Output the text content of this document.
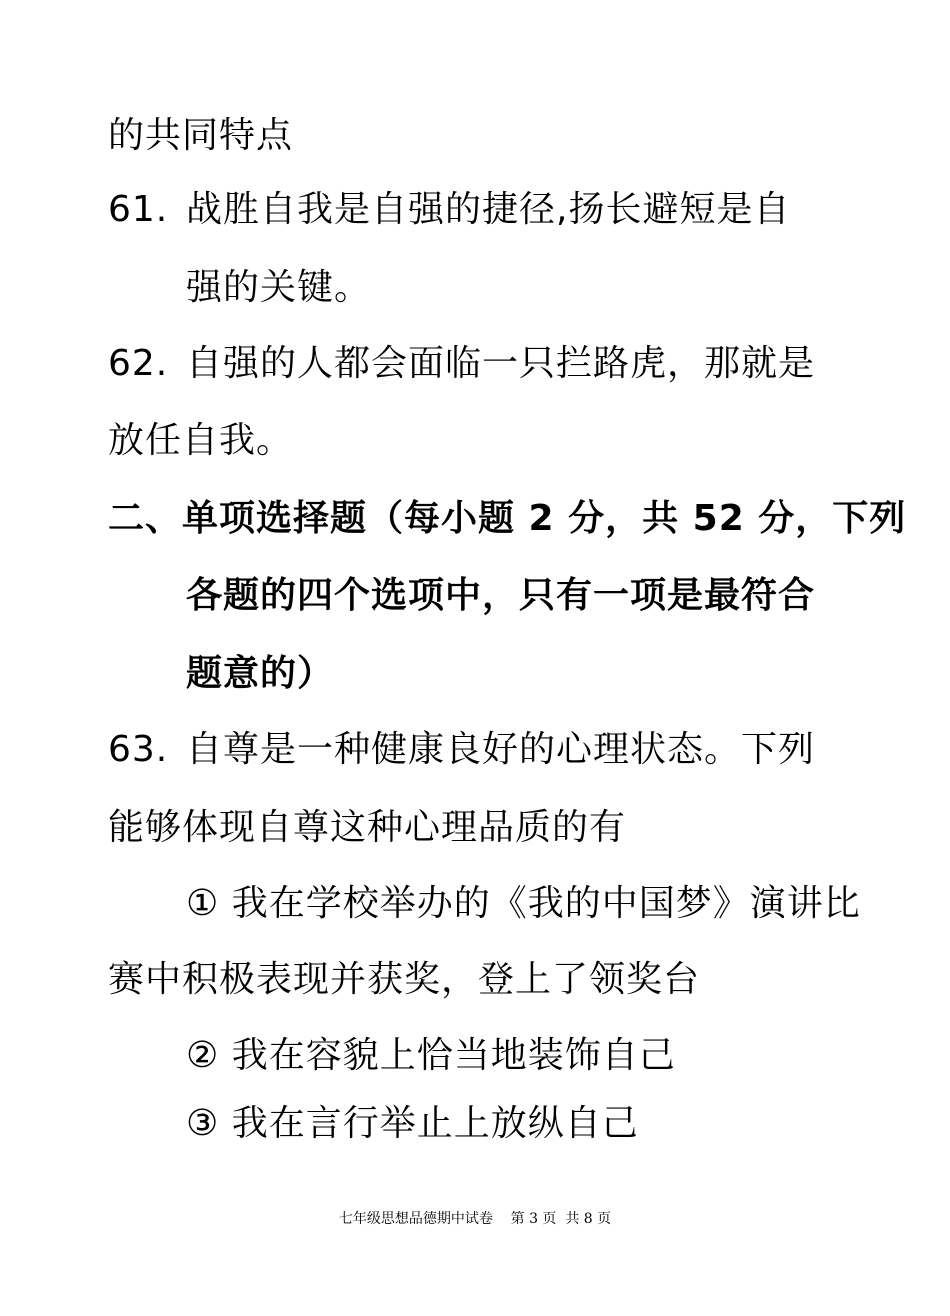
的共同特点
61. 战胜自我是自强的捷径,扬长避短是自
强的关键。
62. 自强的人都会面临一只拦路虎，那就是
放任自我。
二、单项选择题（每小题 2 分，共 52 分，下列
各题的四个选项中，只有一项是最符合
题意的）
63. 自尊是一种健康良好的心理状态。下列
能够体现自尊这种心理品质的有
① 我在学校举办的《我的中国梦》演讲比
赛中积极表现并获奖，登上了领奖台
② 我在容貌上恰当地装饰自己
③ 我在言行举止上放纵自己
七年级思想品德期中试卷    第 3 页  共 8 页
